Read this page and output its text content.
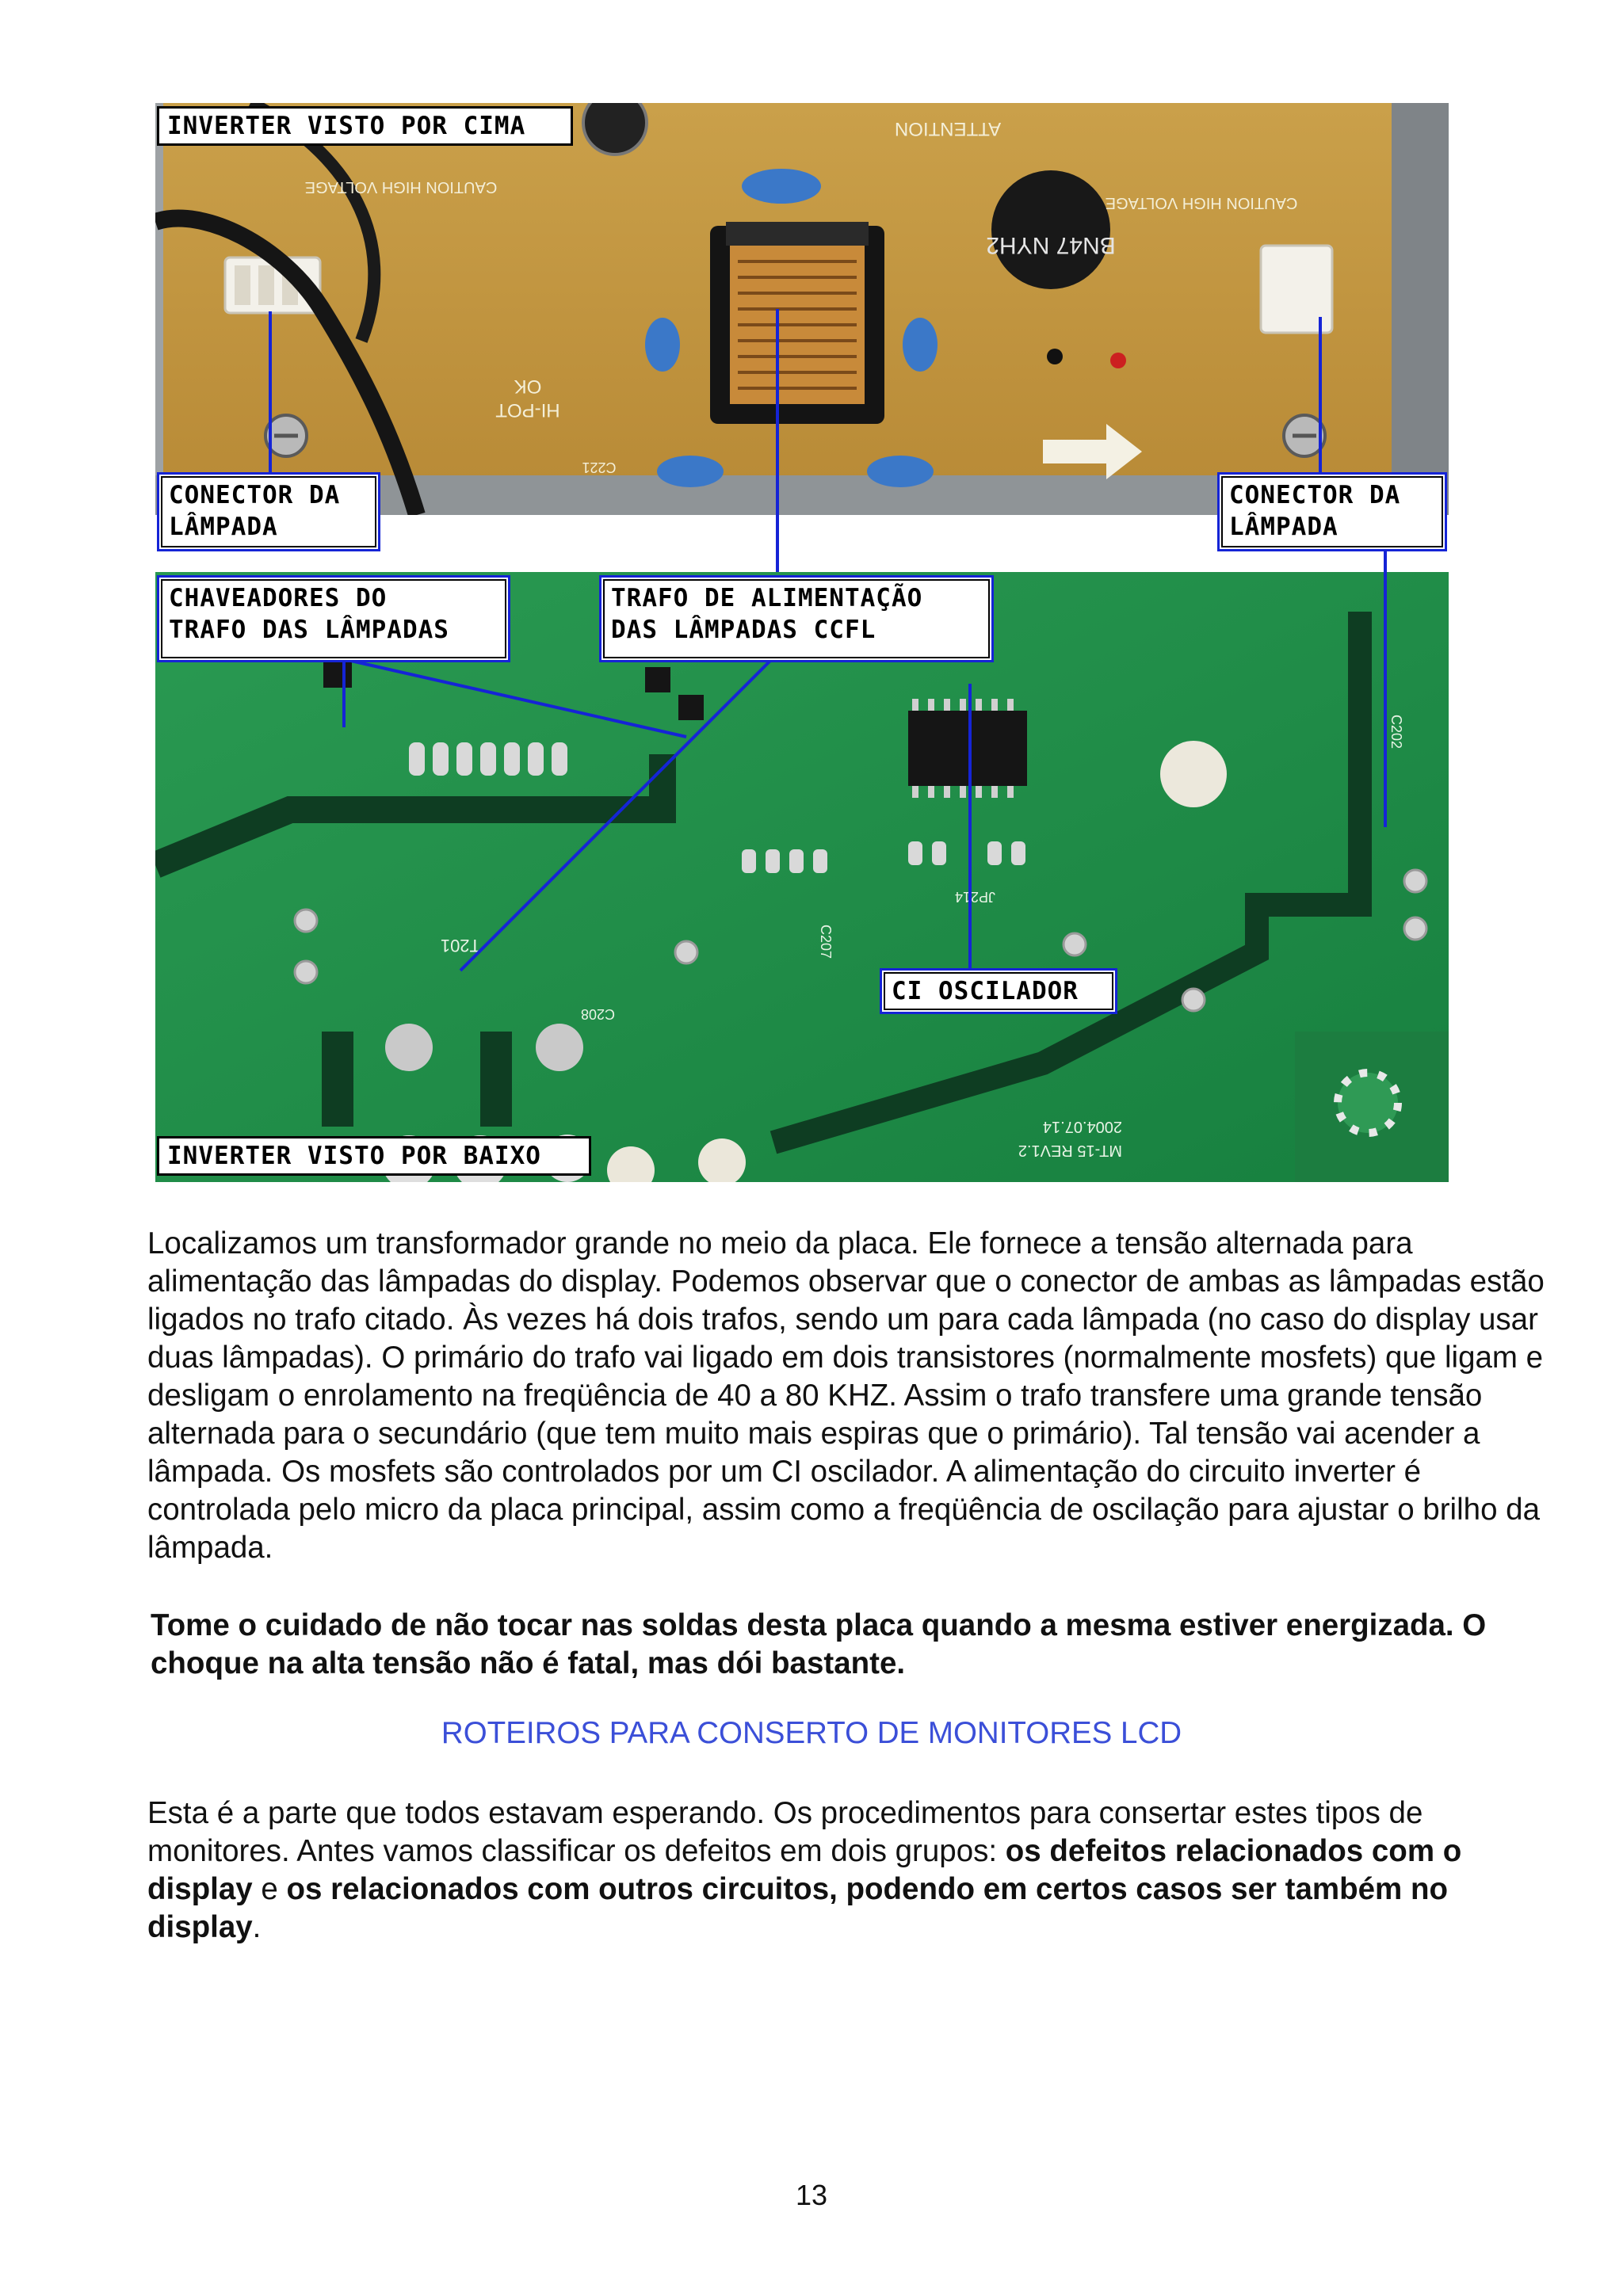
BN47 NYH2
HI-POT
OK
ATTENTION
CAUTION HIGH VOLTAGE
CAUTION HIGH VOLTAGE
C221
T201
C208
2004.07.14
MT-15 REV1.2
JP214
C207
C202
INVERTER VISTO POR CIMA
INVERTER VISTO POR BAIXO
CONECTOR DA
LÂMPADA
CONECTOR DA
LÂMPADA
CHAVEADORES DO
TRAFO DAS LÂMPADAS
TRAFO DE ALIMENTAÇÃO
DAS LÂMPADAS CCFL
CI OSCILADOR
Localizamos um transformador grande no meio da placa. Ele fornece a tensão alternada para alimentação das lâmpadas do display. Podemos observar que o conector de ambas as lâmpadas estão ligados no trafo citado. Às vezes há dois trafos, sendo um para cada lâmpada (no caso do display usar duas lâmpadas). O primário do trafo vai ligado em dois transistores (normalmente mosfets) que ligam e desligam o enrolamento na freqüência de 40 a 80 KHZ. Assim o trafo transfere uma grande tensão alternada para o secundário (que tem muito mais espiras que o primário). Tal tensão vai acender a lâmpada. Os mosfets são controlados por um CI oscilador. A alimentação do circuito inverter é controlada pelo micro da placa principal, assim como a freqüência de oscilação para ajustar o brilho da lâmpada.
Tome o cuidado de não tocar nas soldas desta placa quando a mesma estiver energizada. O choque na alta tensão não é fatal, mas dói bastante.
ROTEIROS PARA CONSERTO DE MONITORES LCD
Esta é a parte que todos estavam esperando. Os procedimentos para consertar estes tipos de monitores. Antes vamos classificar os defeitos em dois grupos: os defeitos relacionados com o display e os relacionados com outros circuitos, podendo em certos casos ser também no display.
13
